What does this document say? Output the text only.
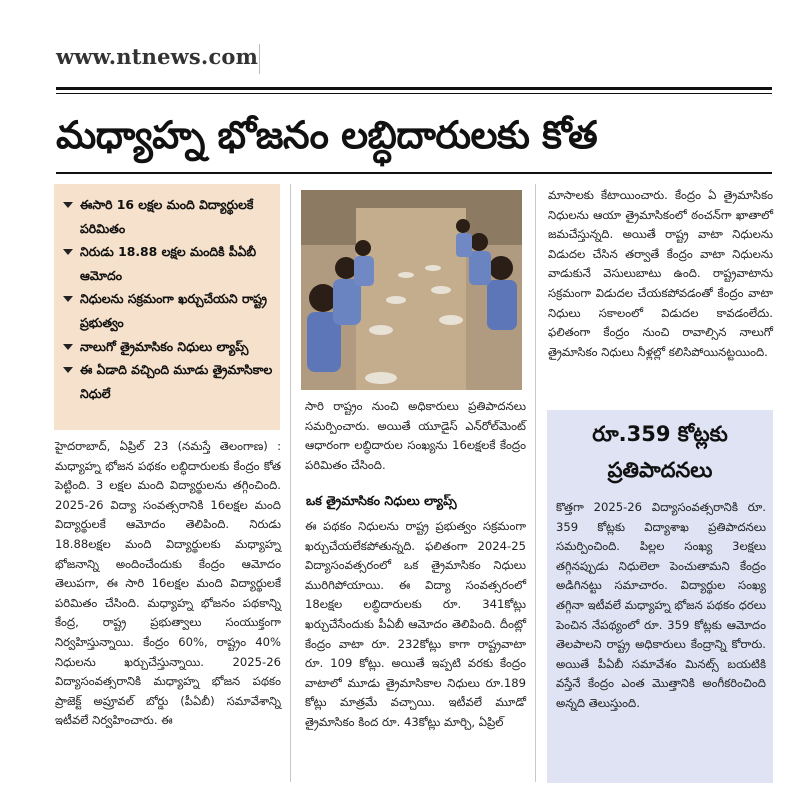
www.ntnews.com
మధ్యాహ్న భోజనం లబ్ధిదారులకు కోత
ఈసారి 16 లక్షల మంది విద్యార్థులకే పరిమితం
నిరుడు 18.88 లక్షల మందికి పీఏబీ ఆమోదం
నిధులను సక్రమంగా ఖర్చుచేయని రాష్ట్ర ప్రభుత్వం
నాలుగో త్రైమాసికం నిధులు ల్యాప్స్
ఈ ఏడాది వచ్చింది మూడు త్రైమాసికాల నిధులే

హైదరాబాద్, ఏప్రిల్ 23 (నమస్తే తెలంగాణ) : మధ్యాహ్న భోజన పథకం లబ్ధిదారులకు కేంద్రం కోత పెట్టింది. 3 లక్షల మంది విద్యార్థులను తగ్గించింది. 2025-26 విద్యా సంవత్సరానికి 16లక్షల మంది విద్యార్థులకే ఆమోదం తెలిపింది. నిరుడు 18.88లక్షల మంది విద్యార్థులకు మధ్యాహ్న భోజనాన్ని అందించేందుకు కేంద్రం ఆమోదం తెలుపగా, ఈ సారి 16లక్షల మంది విద్యార్థులకే పరిమితం చేసింది. మధ్యాహ్న భోజనం పథకాన్ని కేంద్ర, రాష్ట్ర ప్రభుత్వాలు సంయుక్తంగా నిర్వహిస్తున్నాయి. కేంద్రం 60%, రాష్ట్రం 40% నిధులను ఖర్చుచేస్తున్నాయి. 2025-26 విద్యాసంవత్సరానికి మధ్యాహ్న భోజన పథకం ప్రాజెక్ట్ అప్రూవల్ బోర్డు (పీఏబీ) సమావేశాన్ని ఇటీవలే నిర్వహించారు. ఈ

సారి రాష్ట్రం నుంచి అధికారులు ప్రతిపాదనలు సమర్పించారు. అయితే యూడైస్ ఎన్‌రోల్‌మెంట్ ఆధారంగా లబ్ధిదారుల సంఖ్యను 16లక్షలకే కేంద్రం పరిమితం చేసింది.

ఒక త్రైమాసికం నిధులు ల్యాప్స్

ఈ పథకం నిధులను రాష్ట్ర ప్రభుత్వం సక్రమంగా ఖర్చుచేయలేకపోతున్నది. ఫలితంగా 2024-25 విద్యాసంవత్సరంలో ఒక త్రైమాసికం నిధులు మురిగిపోయాయి. ఈ విద్యా సంవత్సరంలో 18లక్షల లబ్ధిదారులకు రూ. 341కోట్లు ఖర్చుచేసేందుకు పీఏబీ ఆమోదం తెలిపింది. దీంట్లో కేంద్రం వాటా రూ. 232కోట్లు కాగా రాష్ట్రవాటా రూ. 109 కోట్లు. అయితే ఇప్పటి వరకు కేంద్రం వాటాలో మూడు త్రైమాసికాల నిధులు రూ.189 కోట్లు మాత్రమే వచ్చాయి. ఇటీవలే మూడో త్రైమాసికం కింద రూ. 43కోట్లు మార్చి, ఏప్రిల్

మాసాలకు కేటాయించారు. కేంద్రం ఏ త్రైమాసికం నిధులను ఆయా త్రైమాసికంలో ఠంచన్‌గా ఖాతాలో జమచేస్తున్నది. అయితే రాష్ట్ర వాటా నిధులను విడుదల చేసిన తర్వాతే కేంద్రం వాటా నిధులను వాడుకునే వెసులుబాటు ఉంది. రాష్ట్రవాటాను సక్రమంగా విడుదల చేయకపోవడంతో కేంద్రం వాటా నిధులు సకాలంలో విడుదల కావడంలేదు. ఫలితంగా కేంద్రం నుంచి రావాల్సిన నాలుగో త్రైమాసికం నిధులు నీళ్లల్లో కలిసిపోయినట్టయింది.

రూ.359 కోట్లకు ప్రతిపాదనలు

కొత్తగా 2025-26 విద్యాసంవత్సరానికి రూ. 359 కోట్లకు విద్యాశాఖ ప్రతిపాదనలు సమర్పించింది. పిల్లల సంఖ్య 3లక్షలు తగ్గినప్పుడు నిధులెలా పెంచుతామని కేంద్రం అడిగినట్టు సమాచారం. విద్యార్థుల సంఖ్య తగ్గినా ఇటీవలే మధ్యాహ్న భోజన పథకం ధరలు పెంచిన నేపథ్యంలో రూ. 359 కోట్లకు ఆమోదం తెలపాలని రాష్ట్ర అధికారులు కేంద్రాన్ని కోరారు. అయితే పీఏబీ సమావేశం మినట్స్ బయటికి వస్తేనే కేంద్రం ఎంత మొత్తానికి అంగీకరించింది అన్నది తెలుస్తుంది.
